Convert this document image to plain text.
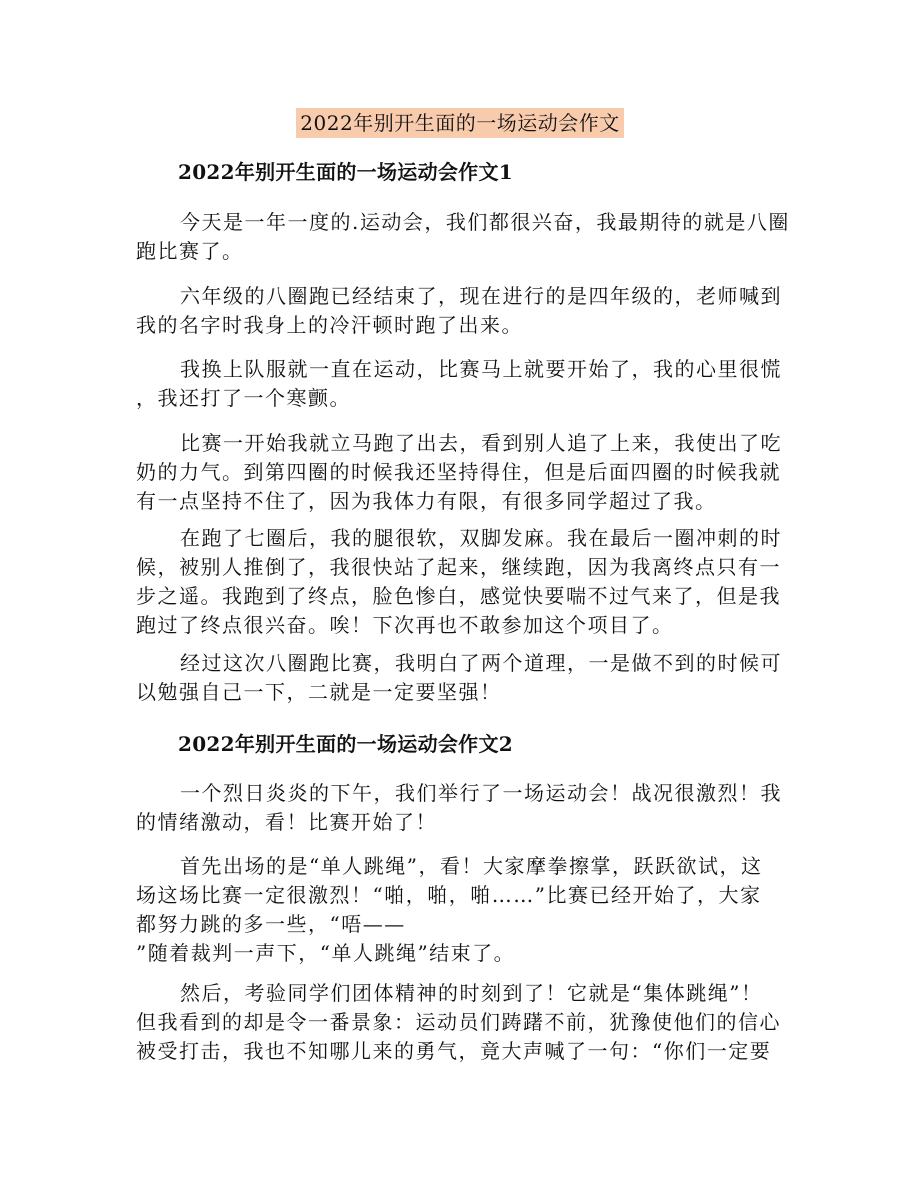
2022年别开生面的一场运动会作文
2022年别开生面的一场运动会作文1
今天是一年一度的.运动会，我们都很兴奋，我最期待的就是八圈
跑比赛了。
六年级的八圈跑已经结束了，现在进行的是四年级的，老师喊到
我的名字时我身上的冷汗顿时跑了出来。
我换上队服就一直在运动，比赛马上就要开始了，我的心里很慌
，我还打了一个寒颤。
比赛一开始我就立马跑了出去，看到别人追了上来，我使出了吃
奶的力气。到第四圈的时候我还坚持得住，但是后面四圈的时候我就
有一点坚持不住了，因为我体力有限，有很多同学超过了我。
在跑了七圈后，我的腿很软，双脚发麻。我在最后一圈冲刺的时
候，被别人推倒了，我很快站了起来，继续跑，因为我离终点只有一
步之遥。我跑到了终点，脸色惨白，感觉快要喘不过气来了，但是我
跑过了终点很兴奋。唉！下次再也不敢参加这个项目了。
经过这次八圈跑比赛，我明白了两个道理，一是做不到的时候可
以勉强自己一下，二就是一定要坚强！
2022年别开生面的一场运动会作文2
一个烈日炎炎的下午，我们举行了一场运动会！战况很激烈！我
的情绪激动，看！比赛开始了！
首先出场的是“单人跳绳”，看！大家摩拳擦掌，跃跃欲试，这
场这场比赛一定很激烈！“啪，啪，啪……”比赛已经开始了，大家
都努力跳的多一些，“唔——
”随着裁判一声下，“单人跳绳”结束了。
然后，考验同学们团体精神的时刻到了！它就是“集体跳绳”！
但我看到的却是令一番景象：运动员们踌躇不前，犹豫使他们的信心
被受打击，我也不知哪儿来的勇气，竟大声喊了一句：“你们一定要
